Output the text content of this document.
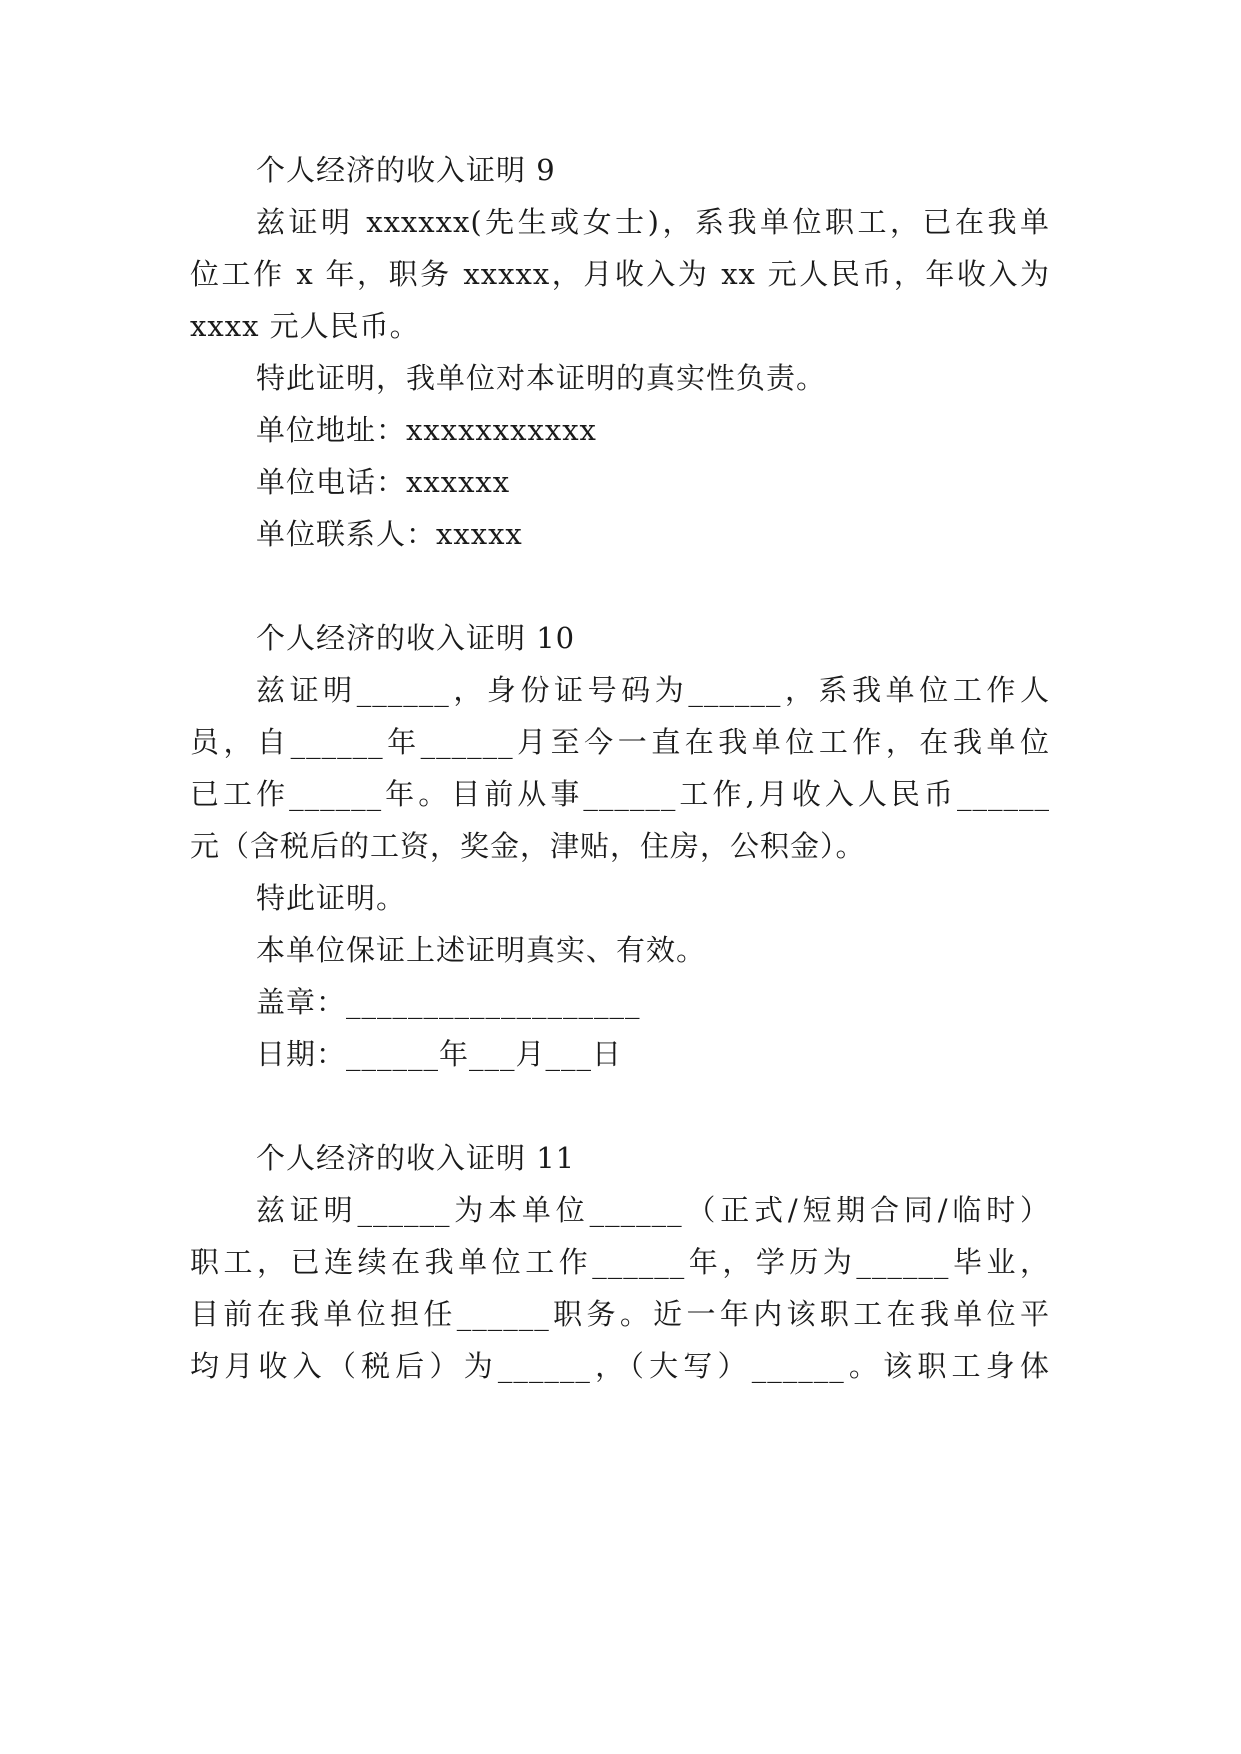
个人经济的收入证明 9
兹证明 xxxxxx(先生或女士)，系我单位职工，已在我单
位工作 x 年，职务 xxxxx，月收入为 xx 元人民币，年收入为
xxxx 元人民币。
特此证明，我单位对本证明的真实性负责。
单位地址：xxxxxxxxxxx
单位电话：xxxxxx
单位联系人：xxxxx
个人经济的收入证明 10
兹证明______，身份证号码为______，系我单位工作人
员，自______年______月至今一直在我单位工作，在我单位
已工作______年。目前从事______工作,月收入人民币______
元（含税后的工资，奖金，津贴，住房，公积金）。
特此证明。
本单位保证上述证明真实、有效。
盖章：___________________
日期：______年___月___日
个人经济的收入证明 11
兹证明______为本单位______（正式/短期合同/临时）
职工，已连续在我单位工作______年，学历为______毕业，
目前在我单位担任______职务。近一年内该职工在我单位平
均月收入（税后）为______，（大写）______。该职工身体
